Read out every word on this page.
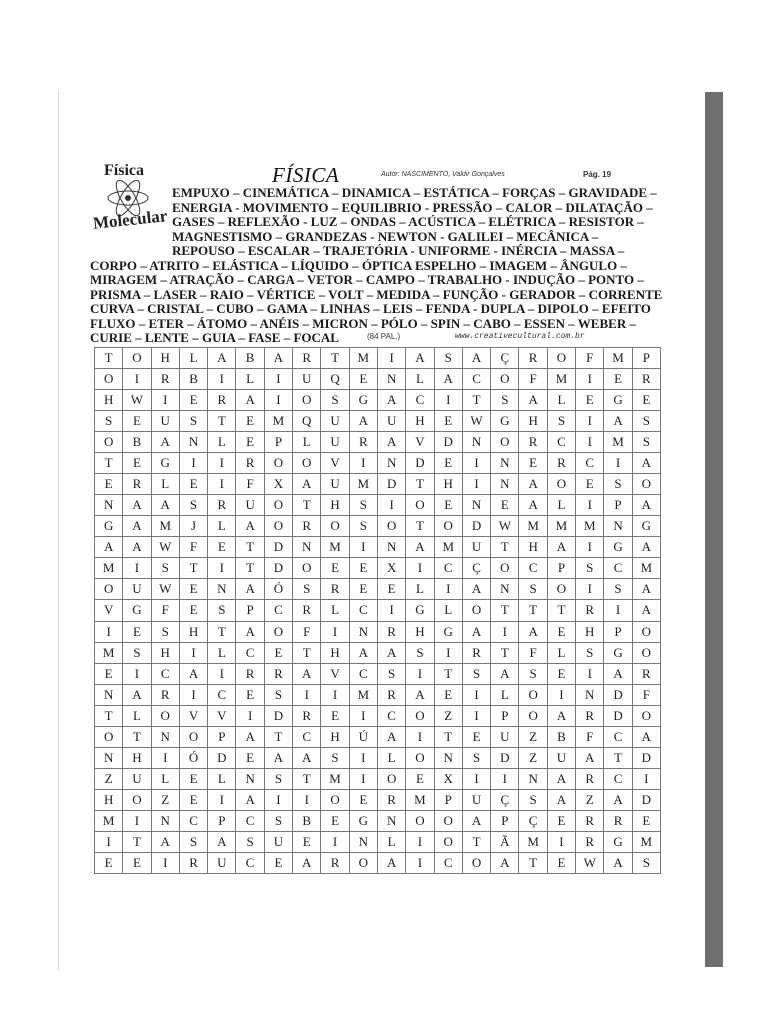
Física
Molecular
FÍSICA	Autor: NASCIMENTO, Valdir Gonçalves	Pág. 19
EMPUXO – CINEMÁTICA – DINAMICA – ESTÁTICA – FORÇAS – GRAVIDADE –
ENERGIA - MOVIMENTO – EQUILIBRIO - PRESSÃO – CALOR – DILATAÇÃO –
GASES – REFLEXÃO - LUZ – ONDAS – ACÚSTICA – ELÉTRICA – RESISTOR –
MAGNESTISMO – GRANDEZAS - NEWTON - GALILEI – MECÂNICA –
REPOUSO – ESCALAR – TRAJETÓRIA - UNIFORME - INÉRCIA – MASSA –
CORPO – ATRITO – ELÁSTICA – LÍQUIDO – ÓPTICA ESPELHO – IMAGEM – ÂNGULO –
MIRAGEM – ATRAÇÃO – CARGA – VETOR – CAMPO – TRABALHO - INDUÇÃO – PONTO –
PRISMA – LASER – RAIO – VÉRTICE – VOLT – MEDIDA – FUNÇÃO - GERADOR – CORRENTE
CURVA – CRISTAL – CUBO – GAMA – LINHAS – LEIS – FENDA - DUPLA – DIPOLO – EFEITO
FLUXO – ETER – ÁTOMO – ANÉIS – MICRON – PÓLO – SPIN – CABO – ESSEN – WEBER –
CURIE – LENTE – GUIA – FASE – FOCAL	(84 PAL.)	www.creativecultural.com.br
T	O	H	L	A	B	A	R	T	M	I	A	S	A	Ç	R	O	F	M	P
O	I	R	B	I	L	I	U	Q	E	N	L	A	C	O	F	M	I	E	R
H	W	I	E	R	A	I	O	S	G	A	C	I	T	S	A	L	E	G	E
S	E	U	S	T	E	M	Q	U	A	U	H	E	W	G	H	S	I	A	S
O	B	A	N	L	E	P	L	U	R	A	V	D	N	O	R	C	I	M	S
T	E	G	I	I	R	O	O	V	I	N	D	E	I	N	E	R	C	I	A
E	R	L	E	I	F	X	A	U	M	D	T	H	I	N	A	O	E	S	O
N	A	A	S	R	U	O	T	H	S	I	O	E	N	E	A	L	I	P	A
G	A	M	J	L	A	O	R	O	S	O	T	O	D	W	M	M	M	N	G
A	A	W	F	E	T	D	N	M	I	N	A	M	U	T	H	A	I	G	A
M	I	S	T	I	T	D	O	E	E	X	I	C	Ç	O	C	P	S	C	M
O	U	W	E	N	A	Ó	S	R	E	E	L	I	A	N	S	O	I	S	A
V	G	F	E	S	P	C	R	L	C	I	G	L	O	T	T	T	R	I	A
I	E	S	H	T	A	O	F	I	N	R	H	G	A	I	A	E	H	P	O
M	S	H	I	L	C	E	T	H	A	A	S	I	R	T	F	L	S	G	O
E	I	C	A	I	R	R	A	V	C	S	I	T	S	A	S	E	I	A	R
N	A	R	I	C	E	S	I	I	M	R	A	E	I	L	O	I	N	D	F
T	L	O	V	V	I	D	R	E	I	C	O	Z	I	P	O	A	R	D	O
O	T	N	O	P	A	T	C	H	Ú	A	I	T	E	U	Z	B	F	C	A
N	H	I	Ó	D	E	A	A	S	I	L	O	N	S	D	Z	U	A	T	D
Z	U	L	E	L	N	S	T	M	I	O	E	X	I	I	N	A	R	C	I
H	O	Z	E	I	A	I	I	O	E	R	M	P	U	Ç	S	A	Z	A	D
M	I	N	C	P	C	S	B	E	G	N	O	O	A	P	Ç	E	R	R	E
I	T	A	S	A	S	U	E	I	N	L	I	O	T	Ã	M	I	R	G	M
E	E	I	R	U	C	E	A	R	O	A	I	C	O	A	T	E	W	A	S
